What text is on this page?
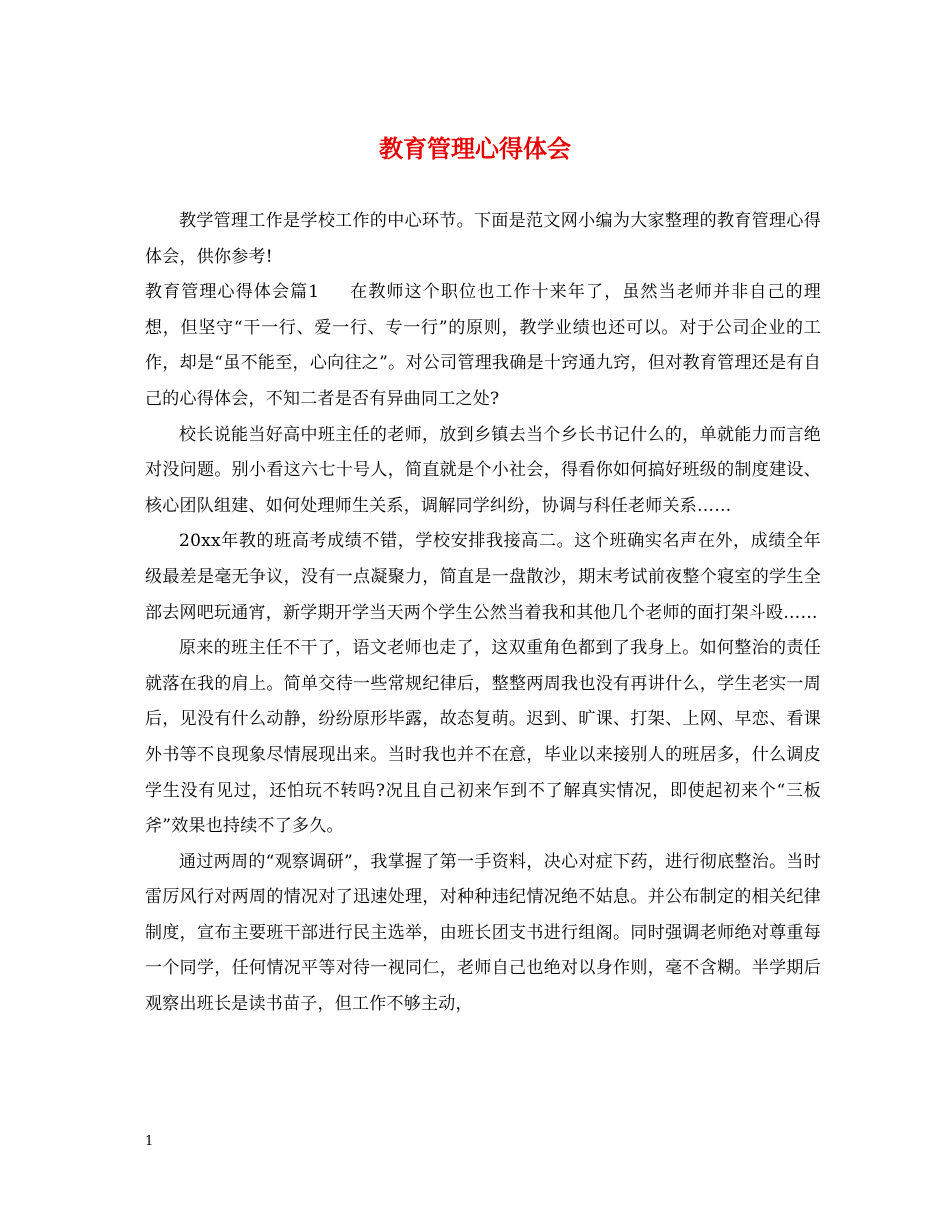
教育管理心得体会

教学管理工作是学校工作的中心环节。下面是范文网小编为大家整理的教育管理心得体会，供你参考!

教育管理心得体会篇1 在教师这个职位也工作十来年了，虽然当老师并非自己的理想，但坚守“干一行、爱一行、专一行”的原则，教学业绩也还可以。对于公司企业的工作，却是“虽不能至，心向往之”。对公司管理我确是十窍通九窍，但对教育管理还是有自己的心得体会，不知二者是否有异曲同工之处?

校长说能当好高中班主任的老师，放到乡镇去当个乡长书记什么的，单就能力而言绝对没问题。别小看这六七十号人，简直就是个小社会，得看你如何搞好班级的制度建设、核心团队组建、如何处理师生关系，调解同学纠纷，协调与科任老师关系……

20xx年教的班高考成绩不错，学校安排我接高二。这个班确实名声在外，成绩全年级最差是毫无争议，没有一点凝聚力，简直是一盘散沙，期末考试前夜整个寝室的学生全部去网吧玩通宵，新学期开学当天两个学生公然当着我和其他几个老师的面打架斗殴……

原来的班主任不干了，语文老师也走了，这双重角色都到了我身上。如何整治的责任就落在我的肩上。简单交待一些常规纪律后，整整两周我也没有再讲什么，学生老实一周后，见没有什么动静，纷纷原形毕露，故态复萌。迟到、旷课、打架、上网、早恋、看课外书等不良现象尽情展现出来。当时我也并不在意，毕业以来接别人的班居多，什么调皮学生没有见过，还怕玩不转吗?况且自己初来乍到不了解真实情况，即使起初来个“三板斧”效果也持续不了多久。

通过两周的“观察调研”，我掌握了第一手资料，决心对症下药，进行彻底整治。当时雷厉风行对两周的情况对了迅速处理，对种种违纪情况绝不姑息。并公布制定的相关纪律制度，宣布主要班干部进行民主选举，由班长团支书进行组阁。同时强调老师绝对尊重每一个同学，任何情况平等对待一视同仁，老师自己也绝对以身作则，毫不含糊。半学期后观察出班长是读书苗子，但工作不够主动，

1
